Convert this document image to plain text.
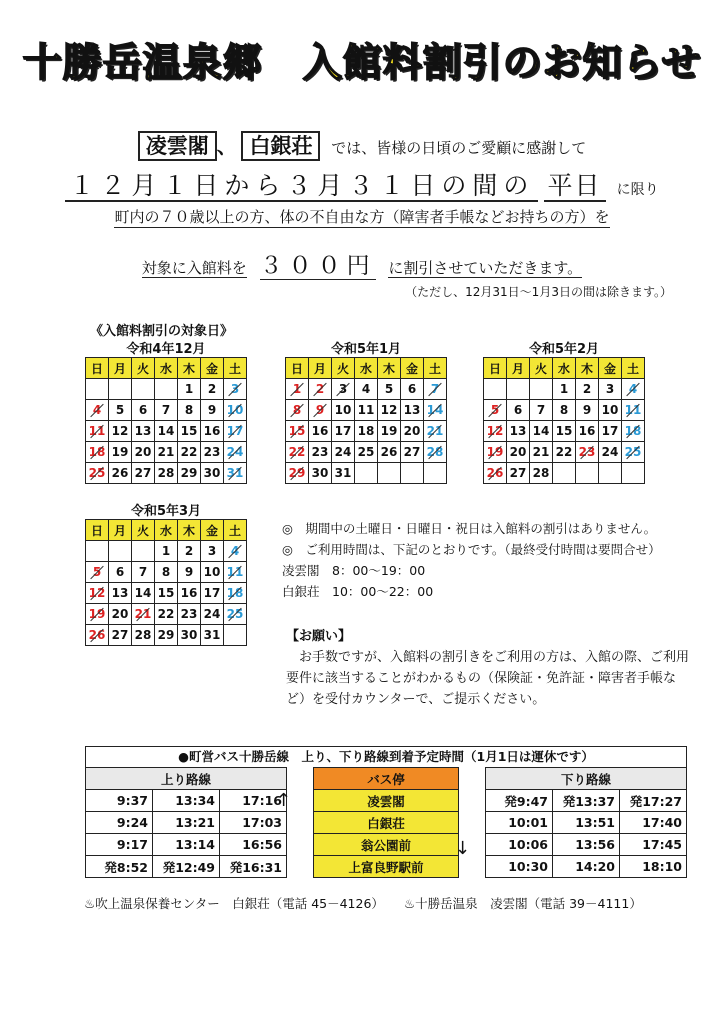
十勝岳温泉郷　入館料割引のお知らせ
凌雲閣 、 白銀荘 では、皆様の日頃のご愛顧に感謝して
１２月１日から３月３１日の間の 平日 に限り
町内の７０歳以上の方、体の不自由な方（障害者手帳などお持ちの方）を
対象に入館料を ３００円 に割引させていただきます。
（ただし、12月31日～1月3日の間は除きます。）
《入館料割引の対象日》
令和4年12月
日	月	火	水	木	金	土
				1	2	3
4	5	6	7	8	9	10
11	12	13	14	15	16	17
18	19	20	21	22	23	24
25	26	27	28	29	30	31
令和5年1月
日	月	火	水	木	金	土
1	2	3	4	5	6	7
8	9	10	11	12	13	14
15	16	17	18	19	20	21
22	23	24	25	26	27	28
29	30	31				
令和5年2月
日	月	火	水	木	金	土
			1	2	3	4
5	6	7	8	9	10	11
12	13	14	15	16	17	18
19	20	21	22	23	24	25
26	27	28				
令和5年3月
日	月	火	水	木	金	土
			1	2	3	4
5	6	7	8	9	10	11
12	13	14	15	16	17	18
19	20	21	22	23	24	25
26	27	28	29	30	31	
◎　期間中の土曜日・日曜日・祝日は入館料の割引はありません。
◎　ご利用時間は、下記のとおりです。（最終受付時間は要問合せ）
凌雲閣　 8：00～19：00
白銀荘　 10：00～22：00
【お願い】
お手数ですが、入館料の割引きをご利用の方は、入館の際、ご利用要件に該当することがわかるもの（保険証・免許証・障害者手帳など）を受付カウンターで、ご提示ください。
●町営バス十勝岳線　上り、下り路線到着予定時間（1月1日は運休です）
上り路線				バス停		下り路線		
9:37	13:34	17:16		凌雲閣		発9:47	発13:37	発17:27
9:24	13:21	17:03		白銀荘		10:01	13:51	17:40
9:17	13:14	16:56		翁公園前		10:06	13:56	17:45
発8:52	発12:49	発16:31		上富良野駅前		10:30	14:20	18:10
↑
↓
♨吹上温泉保養センター　白銀荘（電話 45－4126） ♨十勝岳温泉　凌雲閣（電話 39－4111）
